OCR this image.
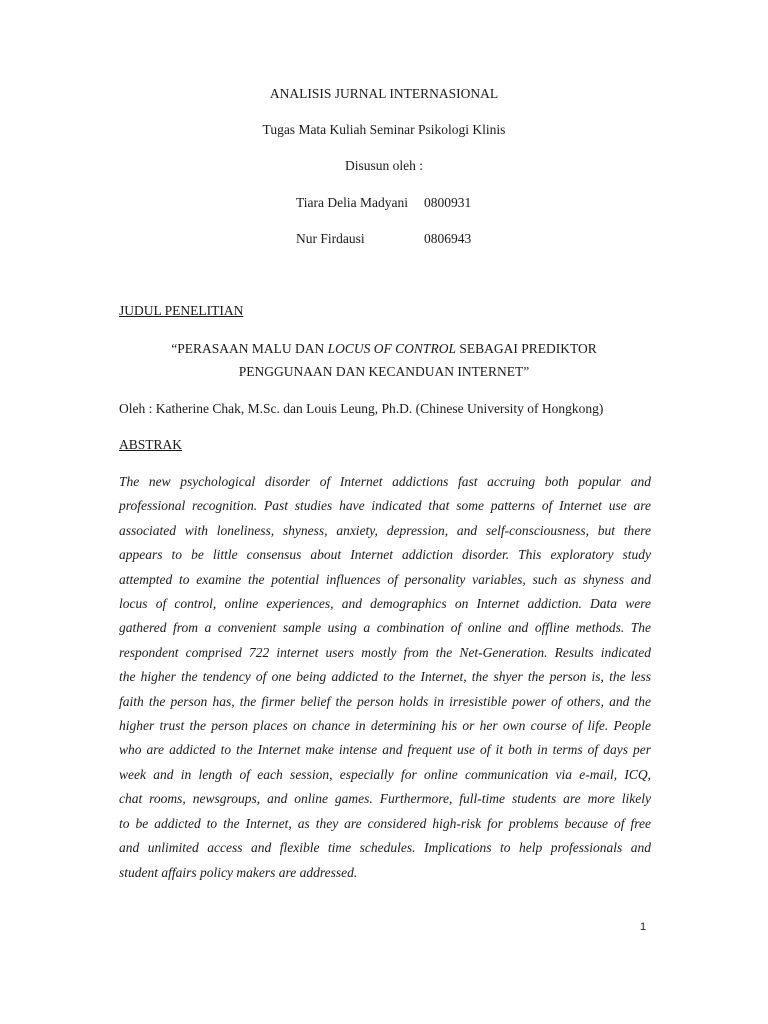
ANALISIS JURNAL INTERNASIONAL
Tugas Mata Kuliah Seminar Psikologi Klinis
Disusun oleh :
Tiara Delia Madyani 0800931
Nur Firdausi	0806943
JUDUL PENELITIAN
“PERASAAN MALU DAN LOCUS OF CONTROL SEBAGAI PREDIKTOR
PENGGUNAAN DAN KECANDUAN INTERNET”
Oleh : Katherine Chak, M.Sc. dan Louis Leung, Ph.D. (Chinese University of Hongkong)
ABSTRAK
The new psychological disorder of Internet addictions fast accruing both popular and
professional recognition. Past studies have indicated that some patterns of Internet use are
associated with loneliness, shyness, anxiety, depression, and self-consciousness, but there
appears to be little consensus about Internet addiction disorder. This exploratory study
attempted to examine the potential influences of personality variables, such as shyness and
locus of control, online experiences, and demographics on Internet addiction. Data were
gathered from a convenient sample using a combination of online and offline methods. The
respondent comprised 722 internet users mostly from the Net-Generation. Results indicated
the higher the tendency of one being addicted to the Internet, the shyer the person is, the less
faith the person has, the firmer belief the person holds in irresistible power of others, and the
higher trust the person places on chance in determining his or her own course of life. People
who are addicted to the Internet make intense and frequent use of it both in terms of days per
week and in length of each session, especially for online communication via e-mail, ICQ,
chat rooms, newsgroups, and online games. Furthermore, full-time students are more likely
to be addicted to the Internet, as they are considered high-risk for problems because of free
and unlimited access and flexible time schedules. Implications to help professionals and
student affairs policy makers are addressed.
1
